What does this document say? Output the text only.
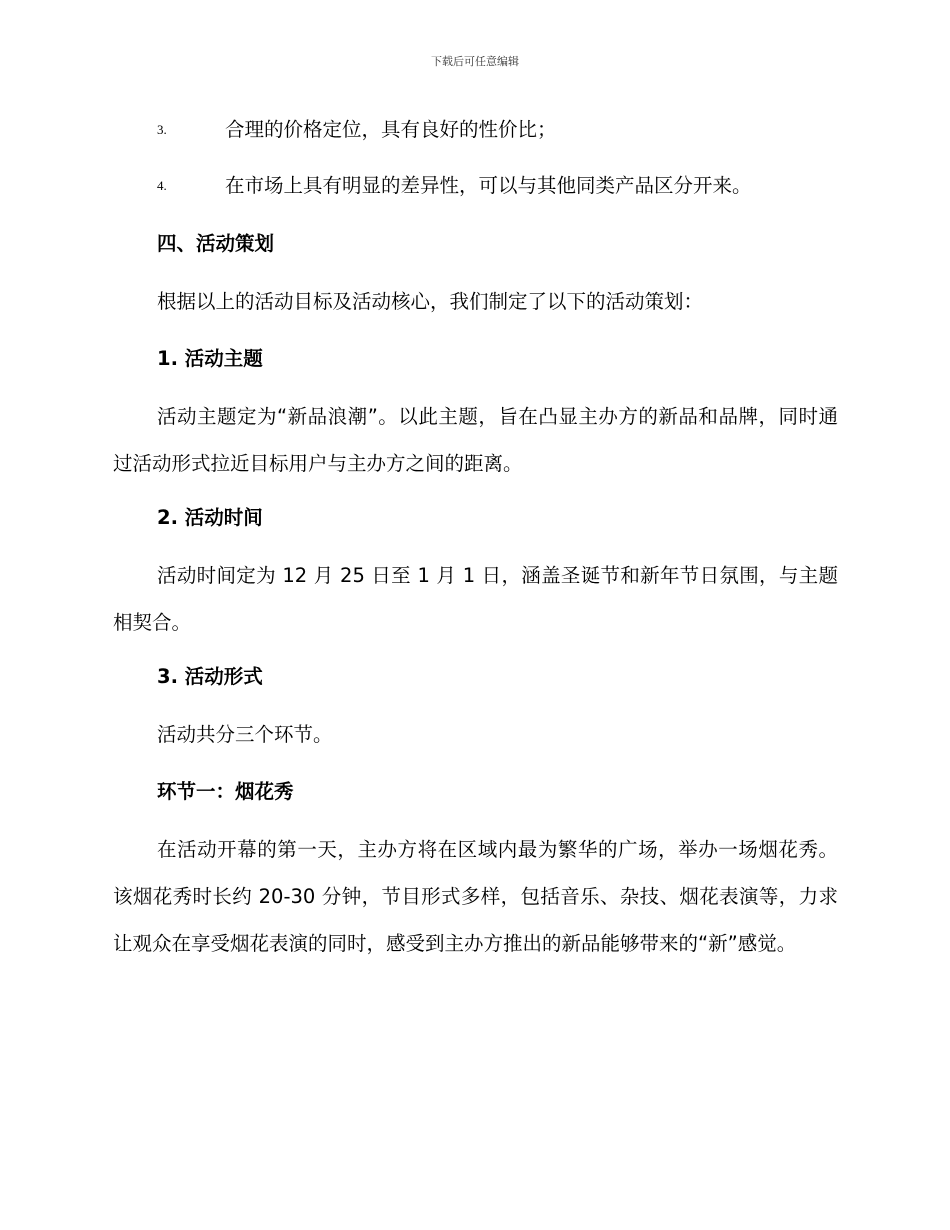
下载后可任意编辑
3.	合理的价格定位，具有良好的性价比；
4.	在市场上具有明显的差异性，可以与其他同类产品区分开来。
四、活动策划

根据以上的活动目标及活动核心，我们制定了以下的活动策划：

1. 活动主题

活动主题定为“新品浪潮”。以此主题，旨在凸显主办方的新品和品牌，同时通过活动形式拉近目标用户与主办方之间的距离。

2. 活动时间

活动时间定为 12 月 25 日至 1 月 1 日，涵盖圣诞节和新年节日氛围，与主题相契合。

3. 活动形式

活动共分三个环节。

环节一：烟花秀

在活动开幕的第一天，主办方将在区域内最为繁华的广场，举办一场烟花秀。该烟花秀时长约 20-30 分钟，节目形式多样，包括音乐、杂技、烟花表演等，力求让观众在享受烟花表演的同时，感受到主办方推出的新品能够带来的“新”感觉。
